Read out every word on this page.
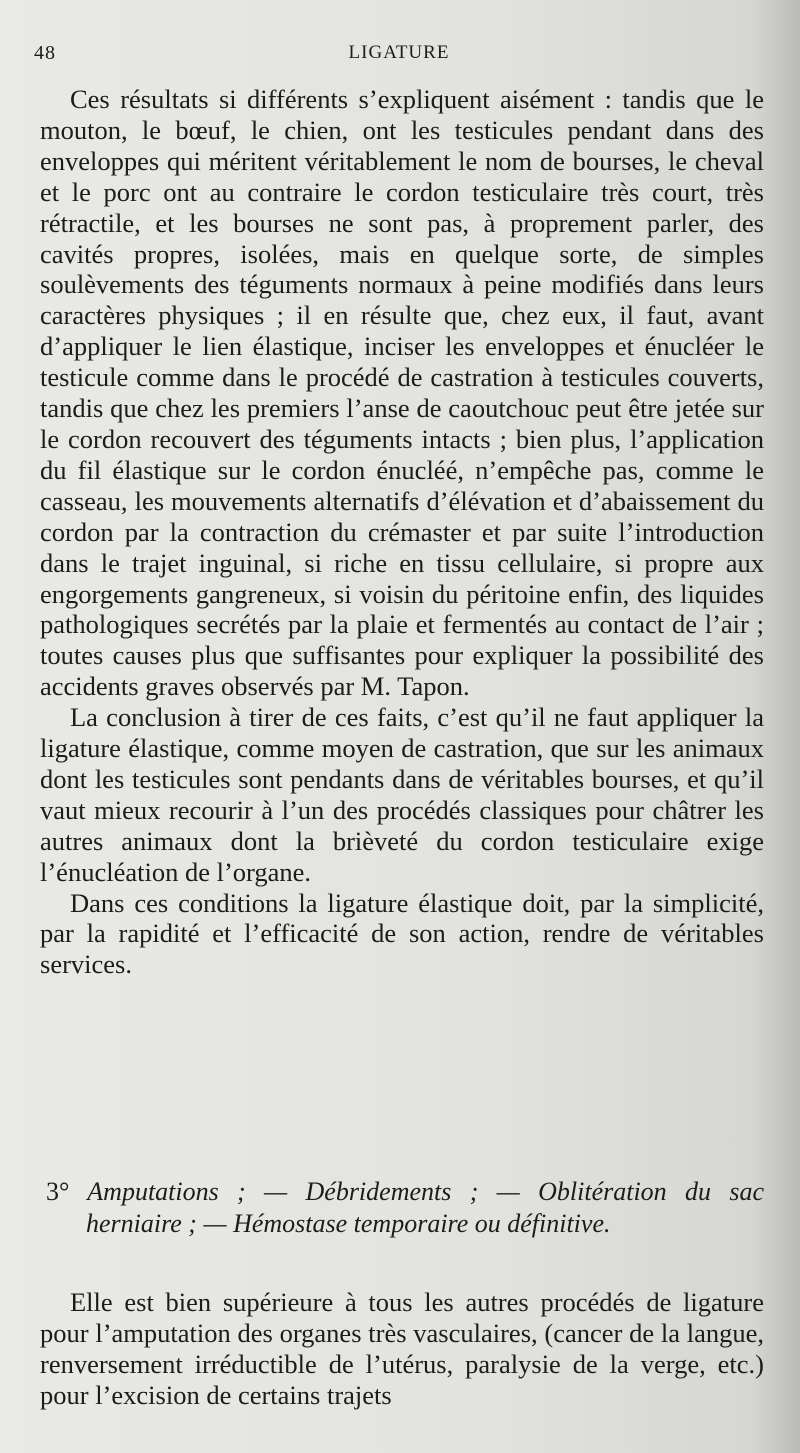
48	LIGATURE

Ces résultats si différents s’expliquent aisément : tandis que le mouton, le bœuf, le chien, ont les testicules pendant dans des enveloppes qui méritent véritablement le nom de bourses, le cheval et le porc ont au contraire le cordon testiculaire très court, très rétractile, et les bourses ne sont pas, à proprement parler, des cavités propres, isolées, mais en quelque sorte, de simples soulèvements des téguments normaux à peine modifiés dans leurs caractères physiques ; il en résulte que, chez eux, il faut, avant d’appliquer le lien élastique, inciser les enveloppes et énucléer le testicule comme dans le procédé de castration à testicules couverts, tandis que chez les premiers l’anse de caoutchouc peut être jetée sur le cordon recouvert des téguments intacts ; bien plus, l’application du fil élastique sur le cordon énucléé, n’empêche pas, comme le casseau, les mouvements alternatifs d’élévation et d’abaissement du cordon par la contraction du crémaster et par suite l’introduction dans le trajet inguinal, si riche en tissu cellulaire, si propre aux engorgements gangreneux, si voisin du péritoine enfin, des liquides pathologiques secrétés par la plaie et fermentés au contact de l’air ; toutes causes plus que suffisantes pour expliquer la possibilité des accidents graves observés par M. Tapon.

La conclusion à tirer de ces faits, c’est qu’il ne faut appliquer la ligature élastique, comme moyen de castration, que sur les animaux dont les testicules sont pendants dans de véritables bourses, et qu’il vaut mieux recourir à l’un des procédés classiques pour châtrer les autres animaux dont la brièveté du cordon testiculaire exige l’énucléation de l’organe.

Dans ces conditions la ligature élastique doit, par la simplicité, par la rapidité et l’efficacité de son action, rendre de véritables services.

3° Amputations ; — Débridements ; — Oblitération du sac
herniaire ; — Hémostase temporaire ou définitive.

Elle est bien supérieure à tous les autres procédés de ligature pour l’amputation des organes très vasculaires, (cancer de la langue, renversement irréductible de l’utérus, paralysie de la verge, etc.) pour l’excision de certains trajets
